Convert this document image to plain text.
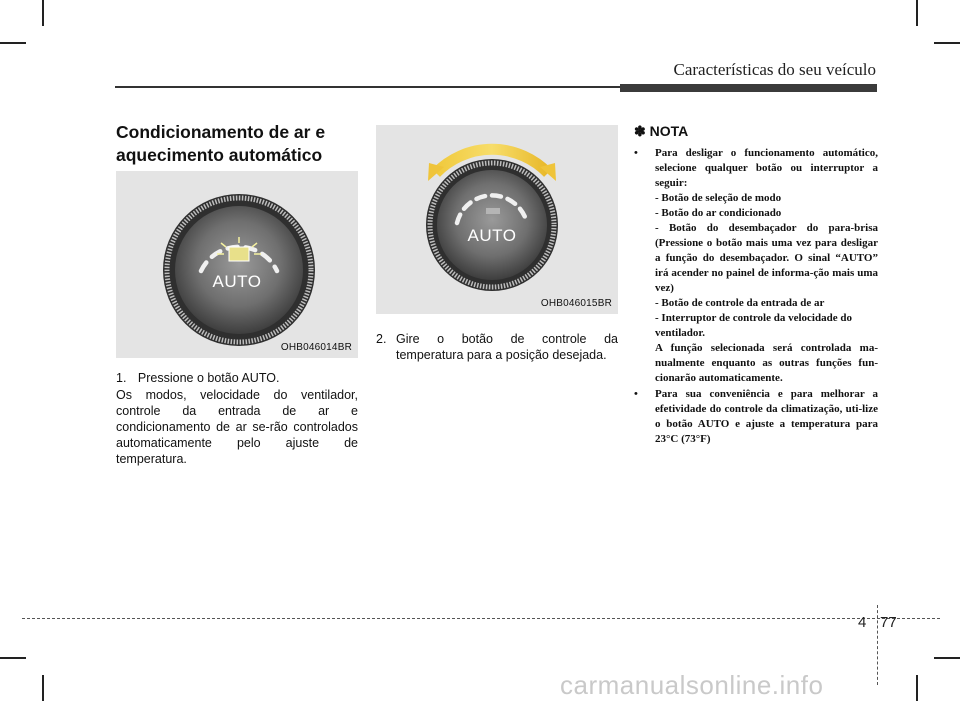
Características do seu veículo
Condicionamento de ar e aquecimento automático
AUTO
OHB046014BR
1. Pressione o botão AUTO.
Os modos, velocidade do ventilador, controle da entrada de ar e condicionamento de ar se-rão controlados automaticamente pelo ajuste de temperatura.
AUTO
OHB046015BR
2. Gire o botão de controle da temperatura para a posição desejada.
✽ NOTA
• Para desligar o funcionamento automático, selecione qualquer botão ou interruptor a seguir:
- Botão de seleção de modo
- Botão do ar condicionado
- Botão do desembaçador do para-brisa (Pressione o botão mais uma vez para desligar a função do desembaçador. O sinal “AUTO” irá acender no painel de informa-ção mais uma vez)
- Botão de controle da entrada de ar
- Interruptor de controle da velocidade do ventilador.
A função selecionada será controlada ma-nualmente enquanto as outras funções fun-cionarão automaticamente.
• Para sua conveniência e para melhorar a efetividade do controle da climatização, uti-lize o botão AUTO e ajuste a temperatura para 23°C (73°F)
4 77
carmanualsonline.info
